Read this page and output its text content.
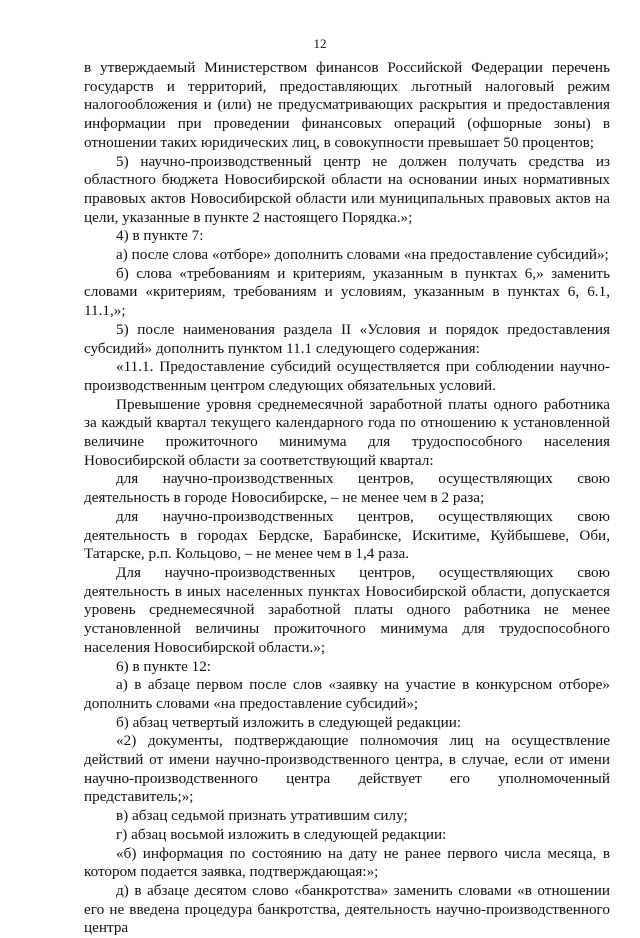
12

в утверждаемый Министерством финансов Российской Федерации перечень государств и территорий, предоставляющих льготный налоговый режим налогообложения и (или) не предусматривающих раскрытия и предоставления информации при проведении финансовых операций (офшорные зоны) в отношении таких юридических лиц, в совокупности превышает 50 процентов;

5) научно-производственный центр не должен получать средства из областного бюджета Новосибирской области на основании иных нормативных правовых актов Новосибирской области или муниципальных правовых актов на цели, указанные в пункте 2 настоящего Порядка.»;

4) в пункте 7:

а) после слова «отборе» дополнить словами «на предоставление субсидий»;

б) слова «требованиям и критериям, указанным в пунктах 6,» заменить словами «критериям, требованиям и условиям, указанным в пунктах 6, 6.1, 11.1,»;

5) после наименования раздела II «Условия и порядок предоставления субсидий» дополнить пунктом 11.1 следующего содержания:

«11.1. Предоставление субсидий осуществляется при соблюдении научно-производственным центром следующих обязательных условий.

Превышение уровня среднемесячной заработной платы одного работника за каждый квартал текущего календарного года по отношению к установленной величине прожиточного минимума для трудоспособного населения Новосибирской области за соответствующий квартал:

для научно-производственных центров, осуществляющих свою деятельность в городе Новосибирске, – не менее чем в 2 раза;

для научно-производственных центров, осуществляющих свою деятельность в городах Бердске, Барабинске, Искитиме, Куйбышеве, Оби, Татарске, р.п. Кольцово, – не менее чем в 1,4 раза.

Для научно-производственных центров, осуществляющих свою деятельность в иных населенных пунктах Новосибирской области, допускается уровень среднемесячной заработной платы одного работника не менее установленной величины прожиточного минимума для трудоспособного населения Новосибирской области.»;

6) в пункте 12:

а) в абзаце первом после слов «заявку на участие в конкурсном отборе» дополнить словами «на предоставление субсидий»;

б) абзац четвертый изложить в следующей редакции:

«2) документы, подтверждающие полномочия лиц на осуществление действий от имени научно-производственного центра, в случае, если от имени научно-производственного центра действует его уполномоченный представитель;»;

в) абзац седьмой признать утратившим силу;

г) абзац восьмой изложить в следующей редакции:

«б) информация по состоянию на дату не ранее первого числа месяца, в котором подается заявка, подтверждающая:»;

д) в абзаце десятом слово «банкротства» заменить словами «в отношении его не введена процедура банкротства, деятельность научно-производственного центра
